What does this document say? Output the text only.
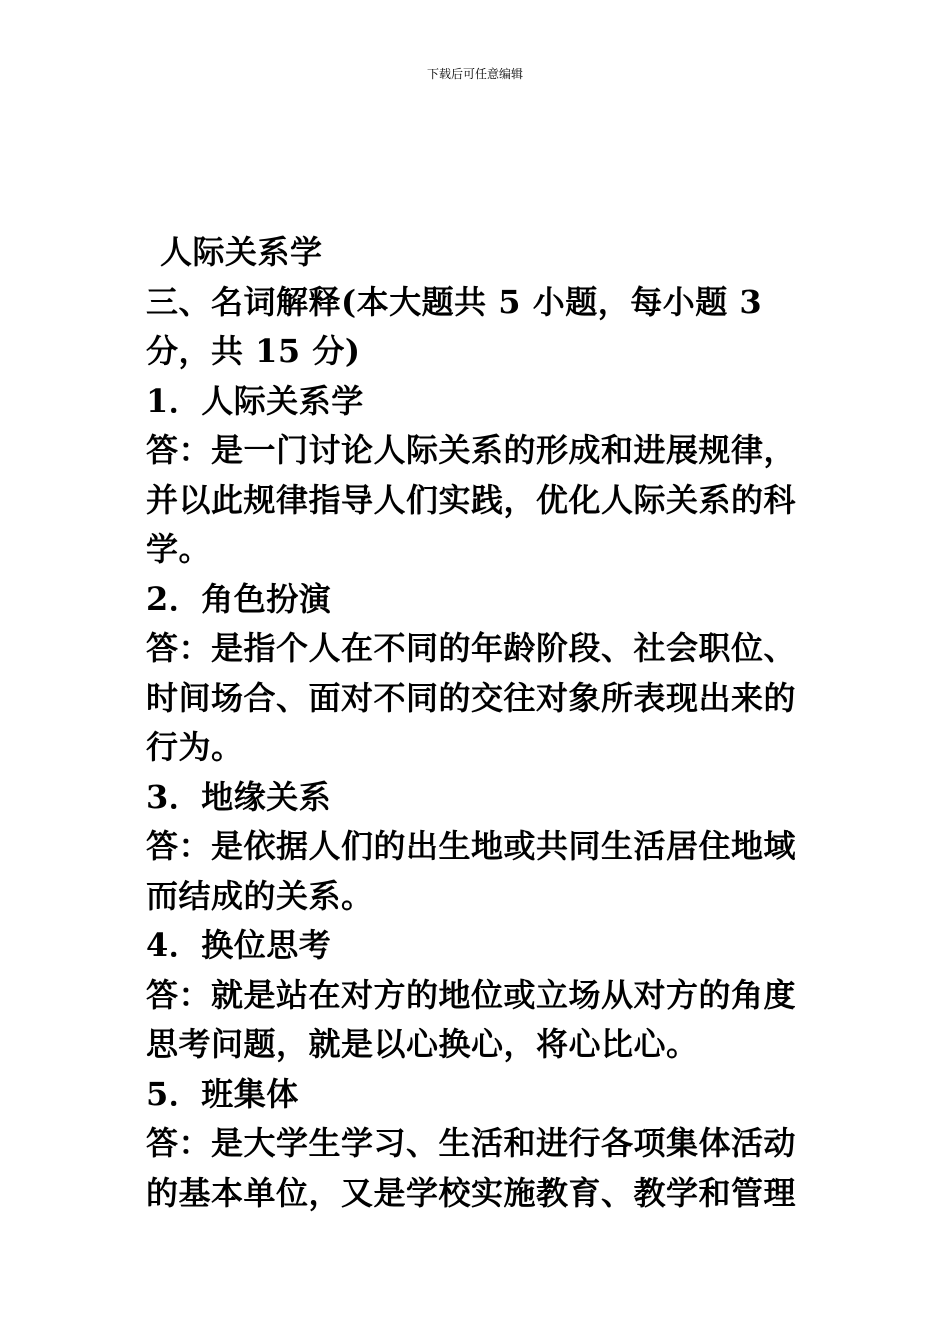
下载后可任意编辑
人际关系学

三、名词解释(本大题共 5 小题，每小题 3 分，共 15 分)

1．人际关系学

答：是一门讨论人际关系的形成和进展规律，并以此规律指导人们实践，优化人际关系的科学。

2．角色扮演

答：是指个人在不同的年龄阶段、社会职位、时间场合、面对不同的交往对象所表现出来的行为。

3．地缘关系

答：是依据人们的出生地或共同生活居住地域而结成的关系。

4．换位思考

答：就是站在对方的地位或立场从对方的角度思考问题，就是以心换心，将心比心。

5．班集体

答：是大学生学习、生活和进行各项集体活动的基本单位，又是学校实施教育、教学和管理
